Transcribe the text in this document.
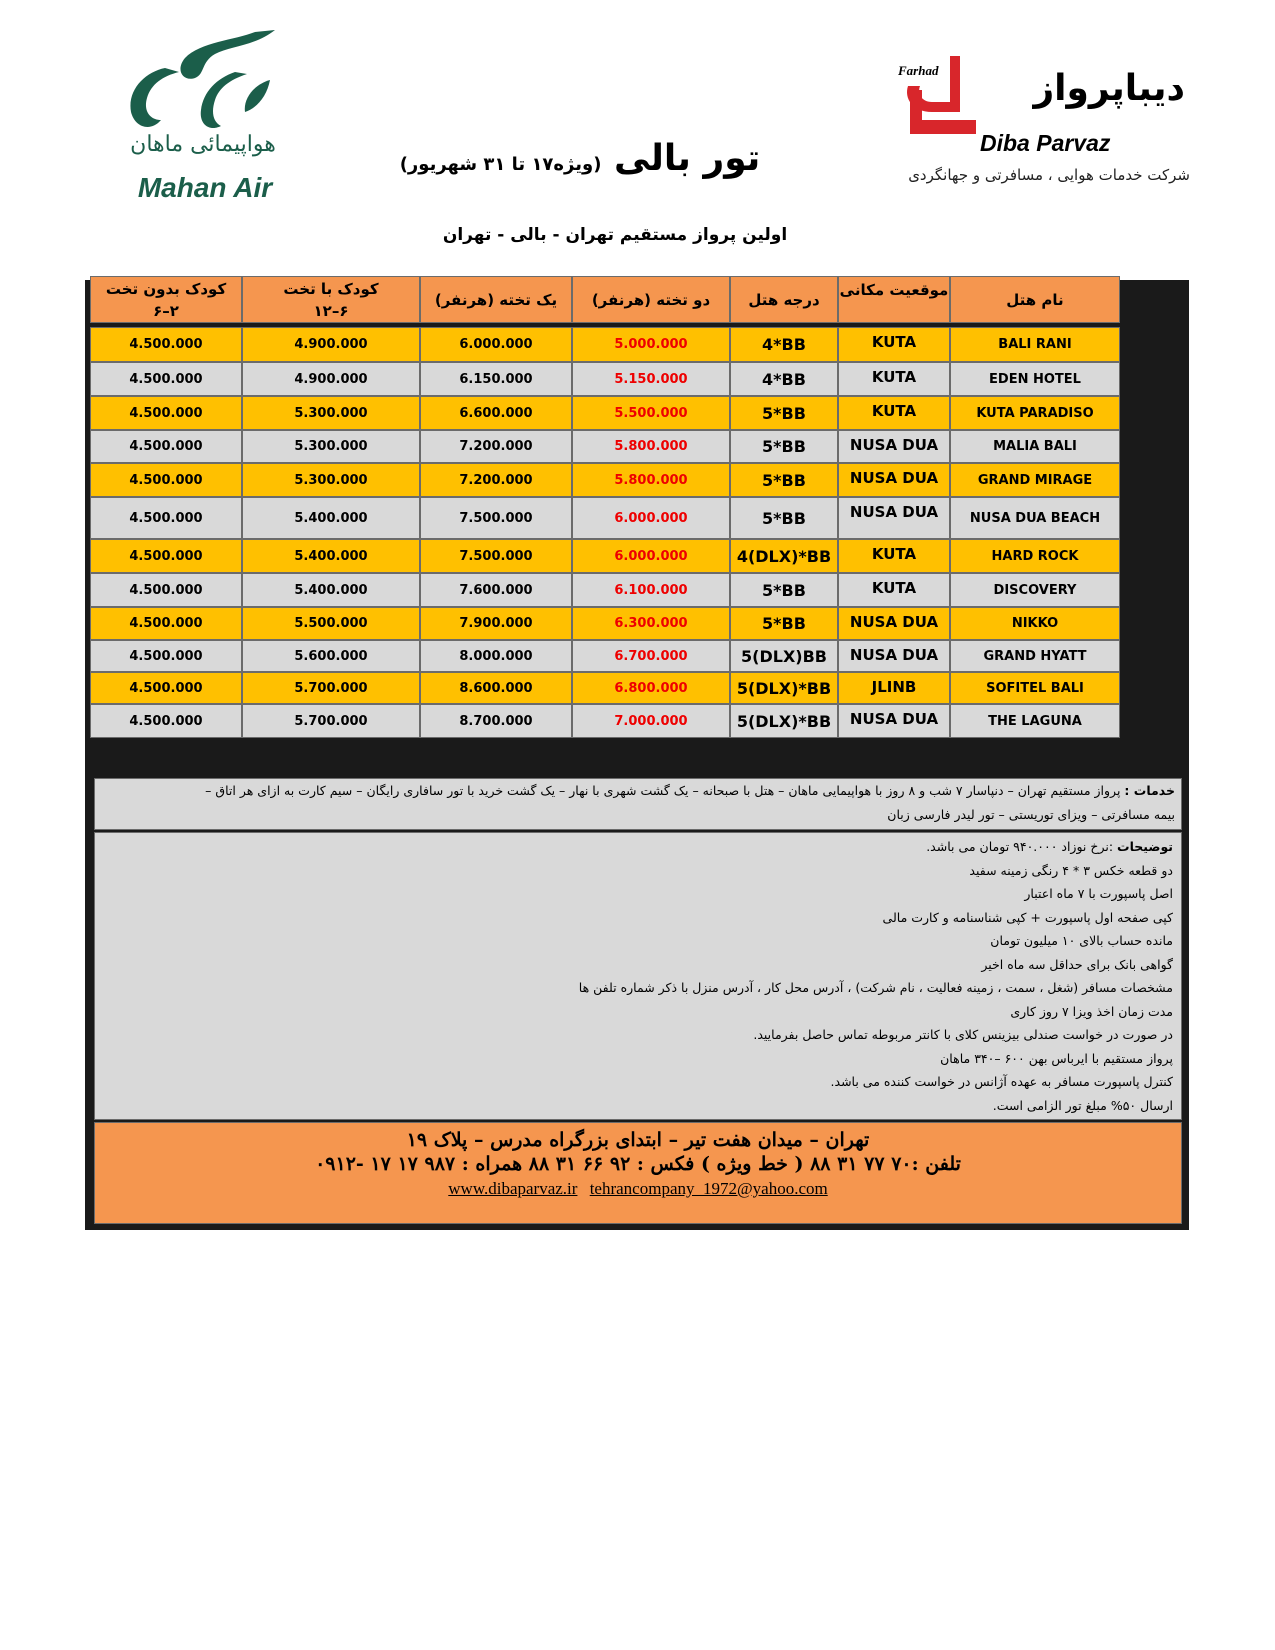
هواپیمائی ماهان
Mahan Air
Farhad	دیباپرواز
Diba Parvaz
شرکت خدمات هوایی ، مسافرتی و جهانگردی
تور بالی (ویژه۱۷ تا ۳۱ شهریور)
اولین پرواز مستقیم تهران - بالی - تهران
نام هتل
موقعیت مکانی
درجه هتل
دو تخته (هرنفر)
یک تخته (هرنفر)
کودک با تخت
۱۲–۶
کودک بدون تخت
۶–۲
BALI RANI
KUTA
4*BB
5.000.000
6.000.000
4.900.000
4.500.000
EDEN HOTEL
KUTA
4*BB
5.150.000
6.150.000
4.900.000
4.500.000
KUTA PARADISO
KUTA
5*BB
5.500.000
6.600.000
5.300.000
4.500.000
MALIA BALI
NUSA DUA
5*BB
5.800.000
7.200.000
5.300.000
4.500.000
GRAND MIRAGE
NUSA DUA
5*BB
5.800.000
7.200.000
5.300.000
4.500.000
NUSA DUA BEACH
NUSA DUA
5*BB
6.000.000
7.500.000
5.400.000
4.500.000
HARD ROCK
KUTA
4(DLX)*BB
6.000.000
7.500.000
5.400.000
4.500.000
DISCOVERY
KUTA
5*BB
6.100.000
7.600.000
5.400.000
4.500.000
NIKKO
NUSA DUA
5*BB
6.300.000
7.900.000
5.500.000
4.500.000
GRAND HYATT
NUSA DUA
5(DLX)BB
6.700.000
8.000.000
5.600.000
4.500.000
SOFITEL BALI
JLINB
5(DLX)*BB
6.800.000
8.600.000
5.700.000
4.500.000
THE LAGUNA
NUSA DUA
5(DLX)*BB
7.000.000
8.700.000
5.700.000
4.500.000
خدمات : پرواز مستقیم تهران – دنپاسار ۷ شب و ۸ روز با هواپیمایی ماهان – هتل با صبحانه – یک گشت شهری با نهار – یک گشت خرید با تور سافاری رایگان – سیم کارت به ازای هر اتاق –
بیمه مسافرتی – ویزای توریستی – تور لیدر فارسی زبان
توضیحات :نرخ نوزاد ۹۴۰.۰۰۰ تومان می باشد.
دو قطعه خکس ۳ * ۴ رنگی زمینه سفید
اصل پاسپورت با ۷ ماه اعتبار
کپی صفحه اول پاسپورت + کپی شناسنامه و کارت مالی
مانده حساب بالای ۱۰ میلیون تومان
گواهی بانک برای حداقل سه ماه اخیر
مشخصات مسافر (شغل ، سمت ، زمینه فعالیت ، نام شرکت) ، آدرس محل کار ، آدرس منزل با ذکر شماره تلفن ها
مدت زمان اخذ ویزا ۷ روز کاری
در صورت در خواست صندلی بیزینس کلای با کانتر مربوطه تماس حاصل بفرمایید.
پرواز مستقیم با ایرباس بهن ۶۰۰ –۳۴۰ ماهان
کنترل پاسپورت مسافر به عهده آژانس در خواست کننده می باشد.
ارسال ۵۰% مبلغ تور الزامی است.
تهران – میدان هفت تیر – ابتدای بزرگراه مدرس – پلاک ۱۹
تلفن :۷۰ ۷۷ ۳۱ ۸۸ ( خط ویژه ) فکس : ۹۲ ۶۶ ۳۱ ۸۸ همراه : ۹۸۷ ۱۷ ۱۷ -۰۹۱۲
www.dibaparvaz.ir tehrancompany_1972@yahoo.com
